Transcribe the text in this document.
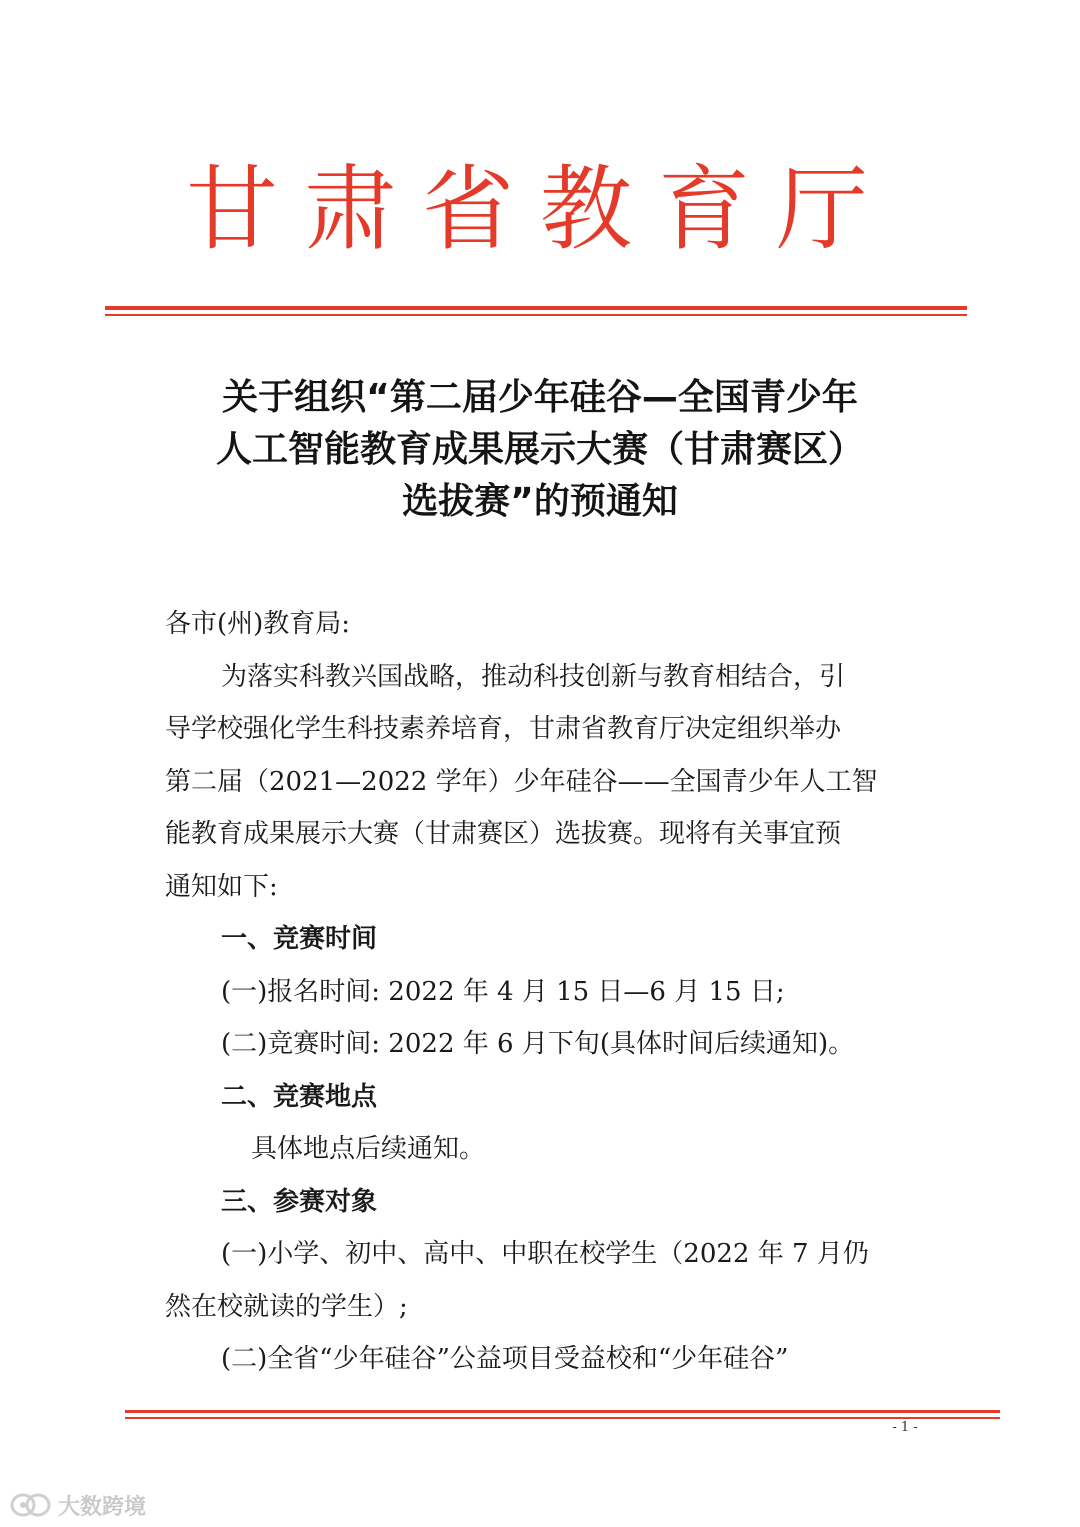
甘肃省教育厅
关于组织“第二届少年硅谷—全国青少年
人工智能教育成果展示大赛（甘肃赛区）
选拔赛”的预通知
各市(州)教育局:
为落实科教兴国战略，推动科技创新与教育相结合，引
导学校强化学生科技素养培育，甘肃省教育厅决定组织举办
第二届（2021—2022 学年）少年硅谷——全国青少年人工智
能教育成果展示大赛（甘肃赛区）选拔赛。现将有关事宜预
通知如下:
一、竞赛时间
(一)报名时间: 2022 年 4 月 15 日—6 月 15 日;
(二)竞赛时间: 2022 年 6 月下旬(具体时间后续通知)。
二、竞赛地点
具体地点后续通知。
三、参赛对象
(一)小学、初中、高中、中职在校学生（2022 年 7 月仍
然在校就读的学生）;
(二)全省“少年硅谷”公益项目受益校和“少年硅谷”
- 1 -
大数跨境
